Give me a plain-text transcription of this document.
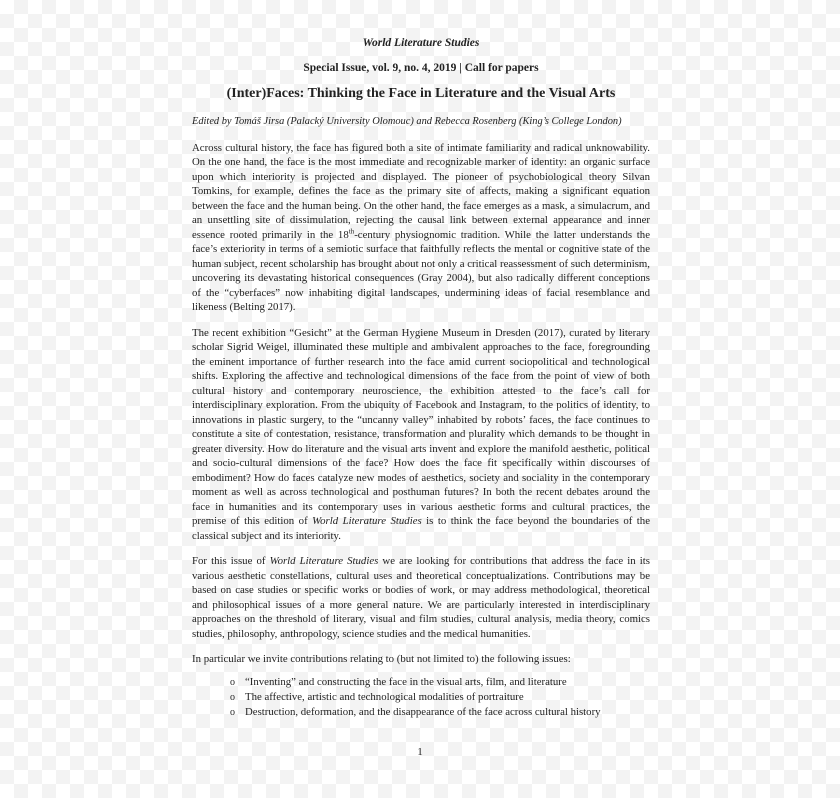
World Literature Studies
Special Issue, vol. 9, no. 4, 2019 | Call for papers
(Inter)Faces: Thinking the Face in Literature and the Visual Arts
Edited by Tomáš Jirsa (Palacký University Olomouc) and Rebecca Rosenberg (King’s College London)

Across cultural history, the face has figured both a site of intimate familiarity and radical unknowability. On the one hand, the face is the most immediate and recognizable marker of identity: an organic surface upon which interiority is projected and displayed. The pioneer of psychobiological theory Silvan Tomkins, for example, defines the face as the primary site of affects, making a significant equation between the face and the human being. On the other hand, the face emerges as a mask, a simulacrum, and an unsettling site of dissimulation, rejecting the causal link between external appearance and inner essence rooted primarily in the 18th-century physiognomic tradition. While the latter understands the face’s exteriority in terms of a semiotic surface that faithfully reflects the mental or cognitive state of the human subject, recent scholarship has brought about not only a critical reassessment of such determinism, uncovering its devastating historical consequences (Gray 2004), but also radically different conceptions of the “cyberfaces” now inhabiting digital landscapes, undermining ideas of facial resemblance and likeness (Belting 2017).

The recent exhibition “Gesicht” at the German Hygiene Museum in Dresden (2017), curated by literary scholar Sigrid Weigel, illuminated these multiple and ambivalent approaches to the face, foregrounding the eminent importance of further research into the face amid current sociopolitical and technological shifts. Exploring the affective and technological dimensions of the face from the point of view of both cultural history and contemporary neuroscience, the exhibition attested to the face’s call for interdisciplinary exploration. From the ubiquity of Facebook and Instagram, to the politics of identity, to innovations in plastic surgery, to the “uncanny valley” inhabited by robots’ faces, the face continues to constitute a site of contestation, resistance, transformation and plurality which demands to be thought in greater diversity. How do literature and the visual arts invent and explore the manifold aesthetic, political and socio-cultural dimensions of the face? How does the face fit specifically within discourses of embodiment? How do faces catalyze new modes of aesthetics, society and sociality in the contemporary moment as well as across technological and posthuman futures? In both the recent debates around the face in humanities and its contemporary uses in various aesthetic forms and cultural practices, the premise of this edition of World Literature Studies is to think the face beyond the boundaries of the classical subject and its interiority.

For this issue of World Literature Studies we are looking for contributions that address the face in its various aesthetic constellations, cultural uses and theoretical conceptualizations. Contributions may be based on case studies or specific works or bodies of work, or may address methodological, theoretical and philosophical issues of a more general nature. We are particularly interested in interdisciplinary approaches on the threshold of literary, visual and film studies, cultural analysis, media theory, comics studies, philosophy, anthropology, science studies and the medical humanities.

In particular we invite contributions relating to (but not limited to) the following issues:

o “Inventing” and constructing the face in the visual arts, film, and literature
o The affective, artistic and technological modalities of portraiture
o Destruction, deformation, and the disappearance of the face across cultural history
1
